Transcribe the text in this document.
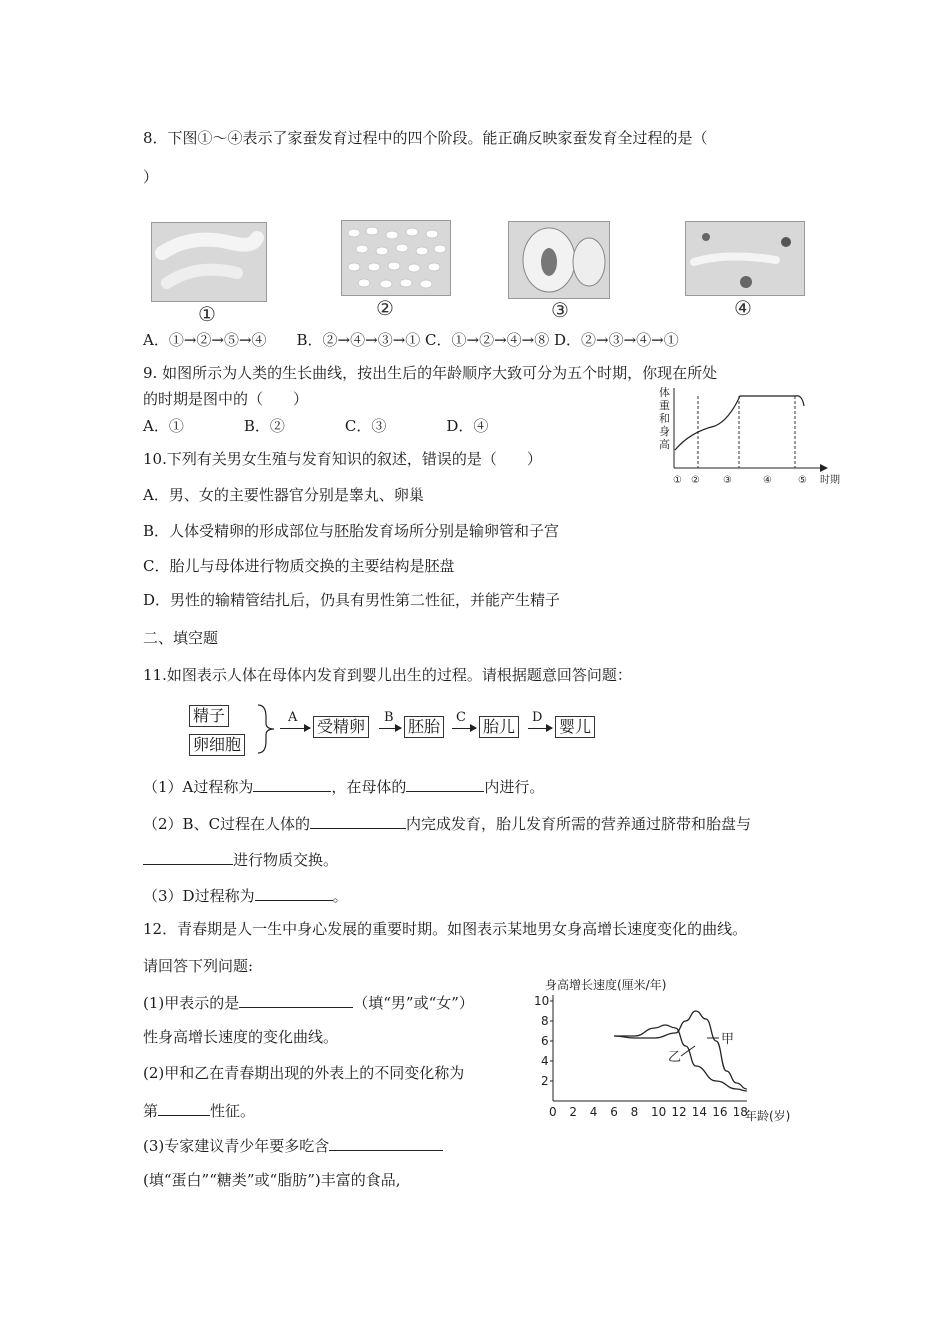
8．下图①～④表示了家蚕发育过程中的四个阶段。能正确反映家蚕发育全过程的是（
）
①	②	③	④
A．①→②→⑤→④　　B．②→④→③→① C．①→②→④→⑧ D．②→③→④→①
9. 如图所示为人类的生长曲线，按出生后的年龄顺序大致可分为五个时期，你现在所处
的时期是图中的（　　）
A．①　　　　B．②　　　　C．③　　　　D．④
体
重
和
身
高
① ② ③	④	⑤ 时期
10.下列有关男女生殖与发育知识的叙述，错误的是（　　）
A．男、女的主要性器官分别是睾丸、卵巢
B．人体受精卵的形成部位与胚胎发育场所分别是输卵管和子宫
C．胎儿与母体进行物质交换的主要结构是胚盘
D．男性的输精管结扎后，仍具有男性第二性征，并能产生精子
二、填空题
11.如图表示人体在母体内发育到婴儿出生的过程。请根据题意回答问题：
精子
卵细胞
A 受精卵	B 胚胎	C 胎儿	D 婴儿
（1）A过程称为	，在母体的	内进行。
（2）B、C过程在人体的	内完成发育，胎儿发育所需的营养通过脐带和胎盘与
进行物质交换。
（3）D过程称为	。
12．青春期是人一生中身心发展的重要时期。如图表示某地男女身高增长速度变化的曲线。
请回答下列问题:
(1)甲表示的是	（填“男”或“女”）
性身高增长速度的变化曲线。
(2)甲和乙在青春期出现的外表上的不同变化称为
第	性征。
(3)专家建议青少年要多吃含
(填“蛋白”“糖类”或“脂肪”)丰富的食品,
身高增长速度(厘米/年)
0 2 4 6 8 10 12 14 16 18
2
4
6
8
10
年龄(岁)
甲
乙
